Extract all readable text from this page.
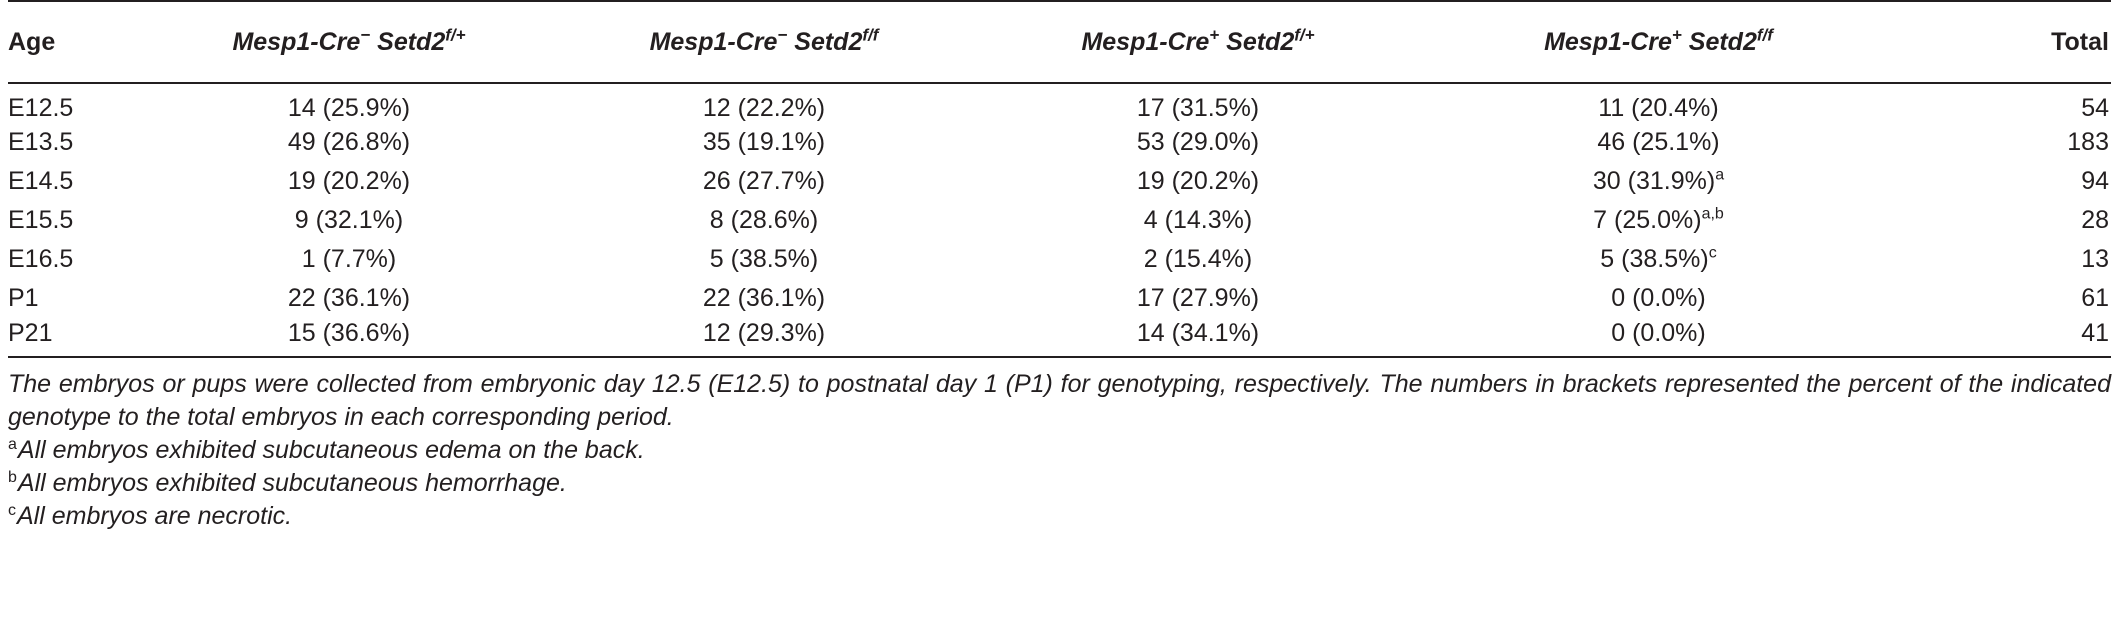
Age	Mesp1-Cre− $Setd2^{f/+}$	Mesp1-Cre− $Setd2^{f/f}$	Mesp1-Cre+ $Setd2^{f/+}$	Mesp1-Cre+ $Setd2^{f/f}$	Total
E12.5	14 (25.9%)	12 (22.2%)	17 (31.5%)	11 (20.4%)	54
E13.5	49 (26.8%)	35 (19.1%)	53 (29.0%)	46 (25.1%)	183
E14.5	19 (20.2%)	26 (27.7%)	19 (20.2%)	30 $(31.9\%)^a$	94
E15.5	9 (32.1%)	8 (28.6%)	4 (14.3%)	7 $(25.0\%)^{a,b}$	28
E16.5	1 (7.7%)	5 (38.5%)	2 (15.4%)	5 $(38.5\%)^c$	13
P1	22 (36.1%)	22 (36.1%)	17 (27.9%)	0 (0.0%)	61
P21	15 (36.6%)	12 (29.3%)	14 (34.1%)	0 (0.0%)	41

The embryos or pups were collected from embryonic day 12.5 (E12.5) to postnatal day 1 (P1) for genotyping, respectively. The numbers in brackets represented the percent of the indicated genotype to the total embryos in each corresponding period.

$^a$All embryos exhibited subcutaneous edema on the back.

$^b$All embryos exhibited subcutaneous hemorrhage.

$^c$All embryos are necrotic.
